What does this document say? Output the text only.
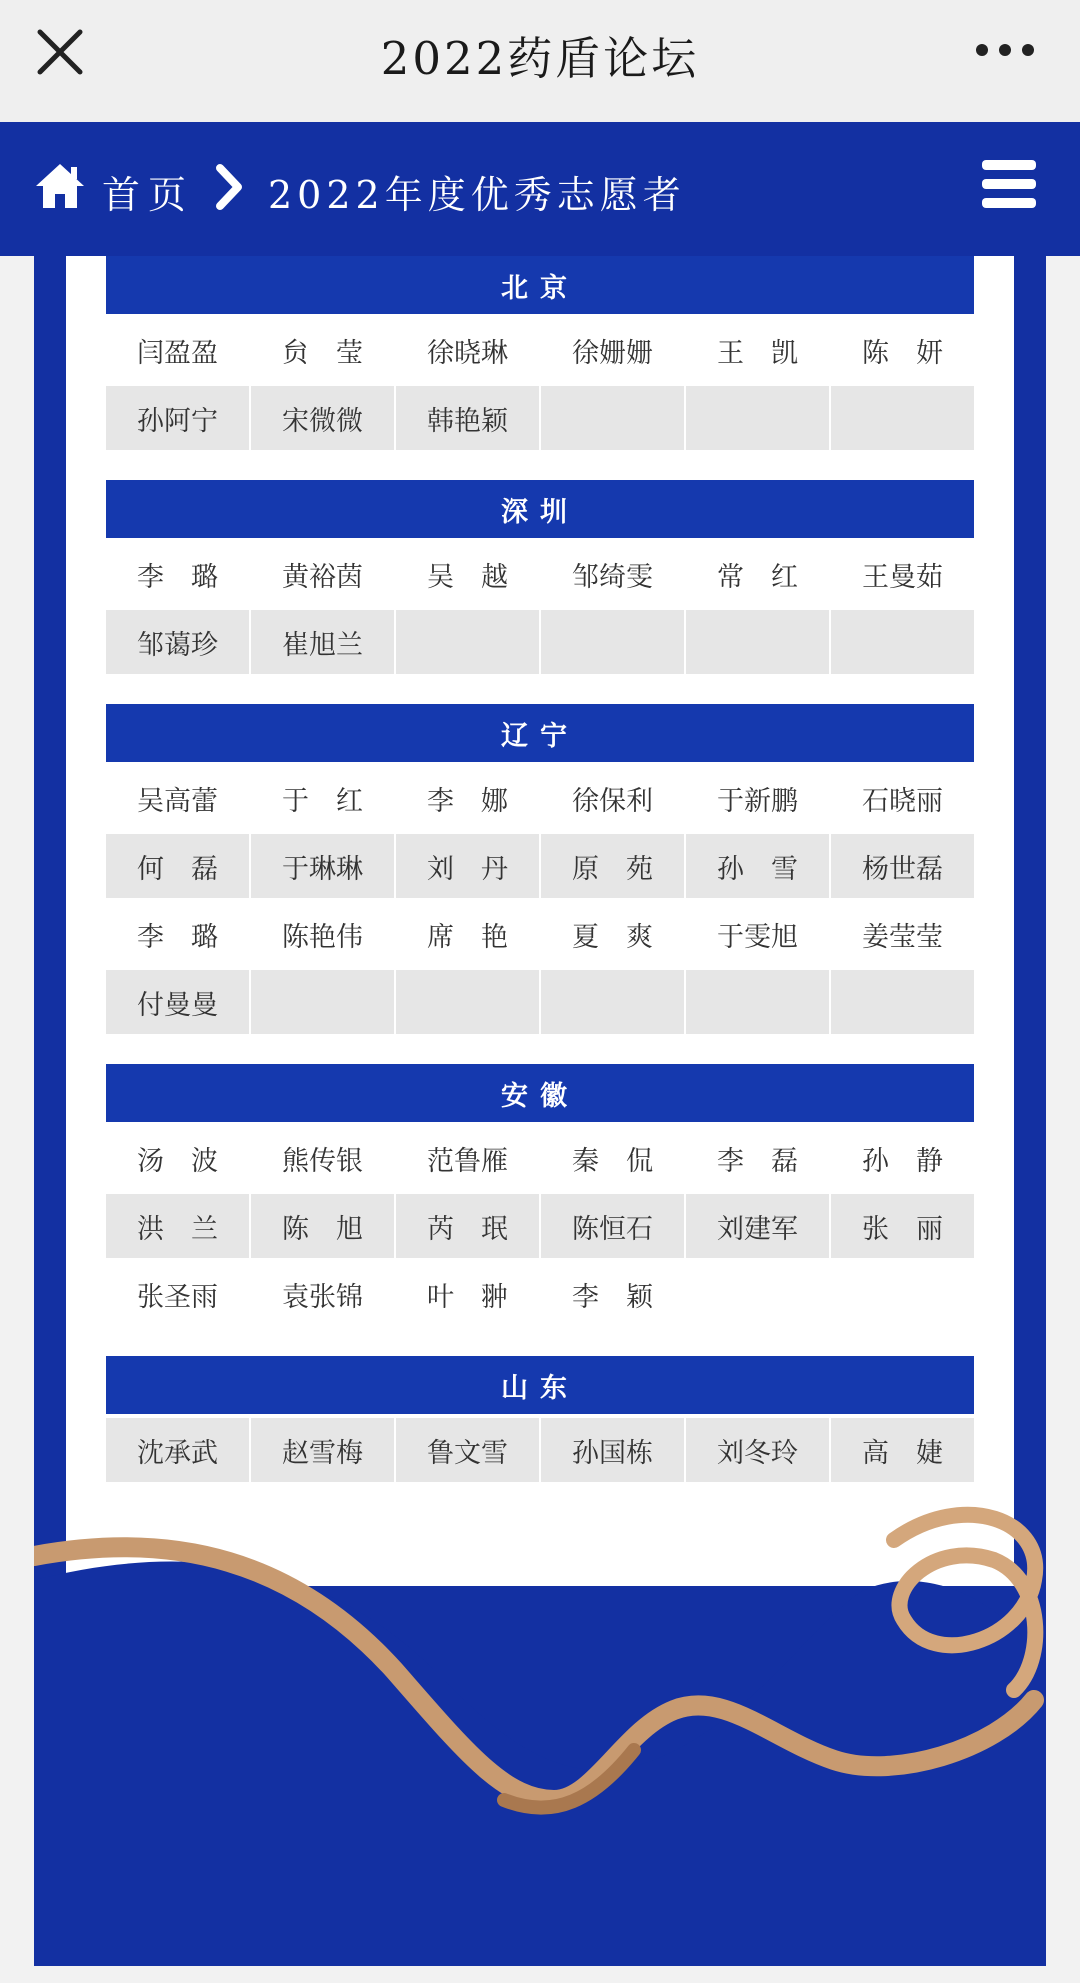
2022药盾论坛
首页 2022年度优秀志愿者
北京
闫盈盈	贠　莹	徐晓琳	徐姗姗	王　凯	陈　妍
孙阿宁	宋微微	韩艳颖
深圳
李　璐	黄裕茵	吴　越	邹绮雯	常　红	王曼茹
邹蔼珍	崔旭兰
辽宁
吴高蕾	于　红	李　娜	徐保利	于新鹏	石晓丽
何　磊	于琳琳	刘　丹	原　苑	孙　雪	杨世磊
李　璐	陈艳伟	席　艳	夏　爽	于雯旭	姜莹莹
付曼曼
安徽
汤　波	熊传银	范鲁雁	秦　侃	李　磊	孙　静
洪　兰	陈　旭	芮　珉	陈恒石	刘建军	张　丽
张圣雨	袁张锦	叶　翀	李　颖
山东
沈承武	赵雪梅	鲁文雪	孙国栋	刘冬玲	高　婕
